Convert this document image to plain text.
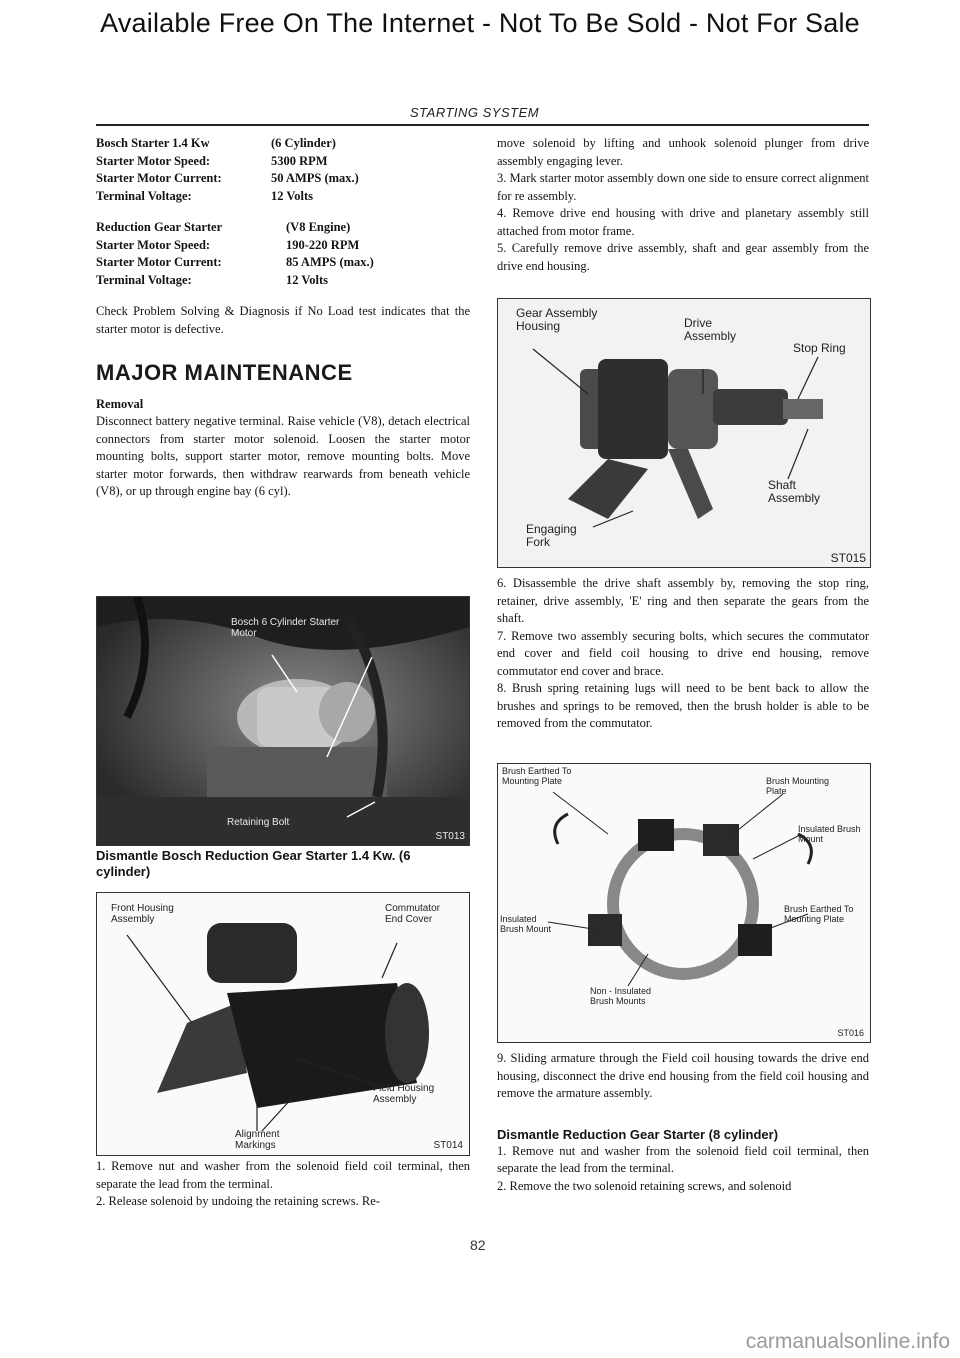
Available Free On The Internet - Not To Be Sold - Not For Sale
STARTING SYSTEM
Bosch Starter 1.4 Kw	(6 Cylinder)
Starter Motor Speed:	5300 RPM
Starter Motor Current:	50 AMPS (max.)
Terminal Voltage:	12 Volts
Reduction Gear Starter	(V8 Engine)
Starter Motor Speed:	190-220 RPM
Starter Motor Current:	85 AMPS (max.)
Terminal Voltage:	12 Volts

Check Problem Solving & Diagnosis if No Load test indicates that the starter motor is defective.

MAJOR MAINTENANCE
Removal

Disconnect battery negative terminal. Raise vehicle (V8), detach electrical connectors from starter motor solenoid. Loosen the starter motor mounting bolts, support starter motor, remove mounting bolts. Move starter motor forwards, then withdraw rearwards from beneath vehicle (V8), or up through engine bay (6 cyl).

Bosch 6 Cylinder Starter Motor
Retaining Bolt
ST013
Dismantle Bosch Reduction Gear Starter 1.4 Kw. (6 cylinder)
Front Housing Assembly
Commutator End Cover
Field Housing Assembly
Alignment Markings	ST014

1. Remove nut and washer from the solenoid field coil terminal, then separate the lead from the terminal.

2. Release solenoid by undoing the retaining screws. Re-

move solenoid by lifting and unhook solenoid plunger from drive assembly engaging lever.

3. Mark starter motor assembly down one side to ensure correct alignment for re assembly.

4. Remove drive end housing with drive and planetary assembly still attached from motor frame.

5. Carefully remove drive assembly, shaft and gear assembly from the drive end housing.

Gear Assembly Housing	Drive Assembly
Stop Ring
Shaft Assembly
Engaging Fork
ST015

6. Disassemble the drive shaft assembly by, removing the stop ring, retainer, drive assembly, 'E' ring and then separate the gears from the shaft.

7. Remove two assembly securing bolts, which secures the commutator end cover and field coil housing to drive end housing, remove commutator end cover and brace.

8. Brush spring retaining lugs will need to be bent back to allow the brushes and springs to be removed, then the brush holder is able to be removed from the commutator.

Brush Earthed To Mounting Plate	Brush Mounting Plate
Insulated Brush Mount
Brush Earthed To Mounting Plate
Insulated Brush Mount
Non - Insulated Brush Mounts
ST016

9. Sliding armature through the Field coil housing towards the drive end housing, disconnect the drive end housing from the field coil housing and remove the armature assembly.

Dismantle Reduction Gear Starter (8 cylinder)

1. Remove nut and washer from the solenoid field coil terminal, then separate the lead from the terminal.

2. Remove the two solenoid retaining screws, and solenoid

82
carmanualsonline.info
